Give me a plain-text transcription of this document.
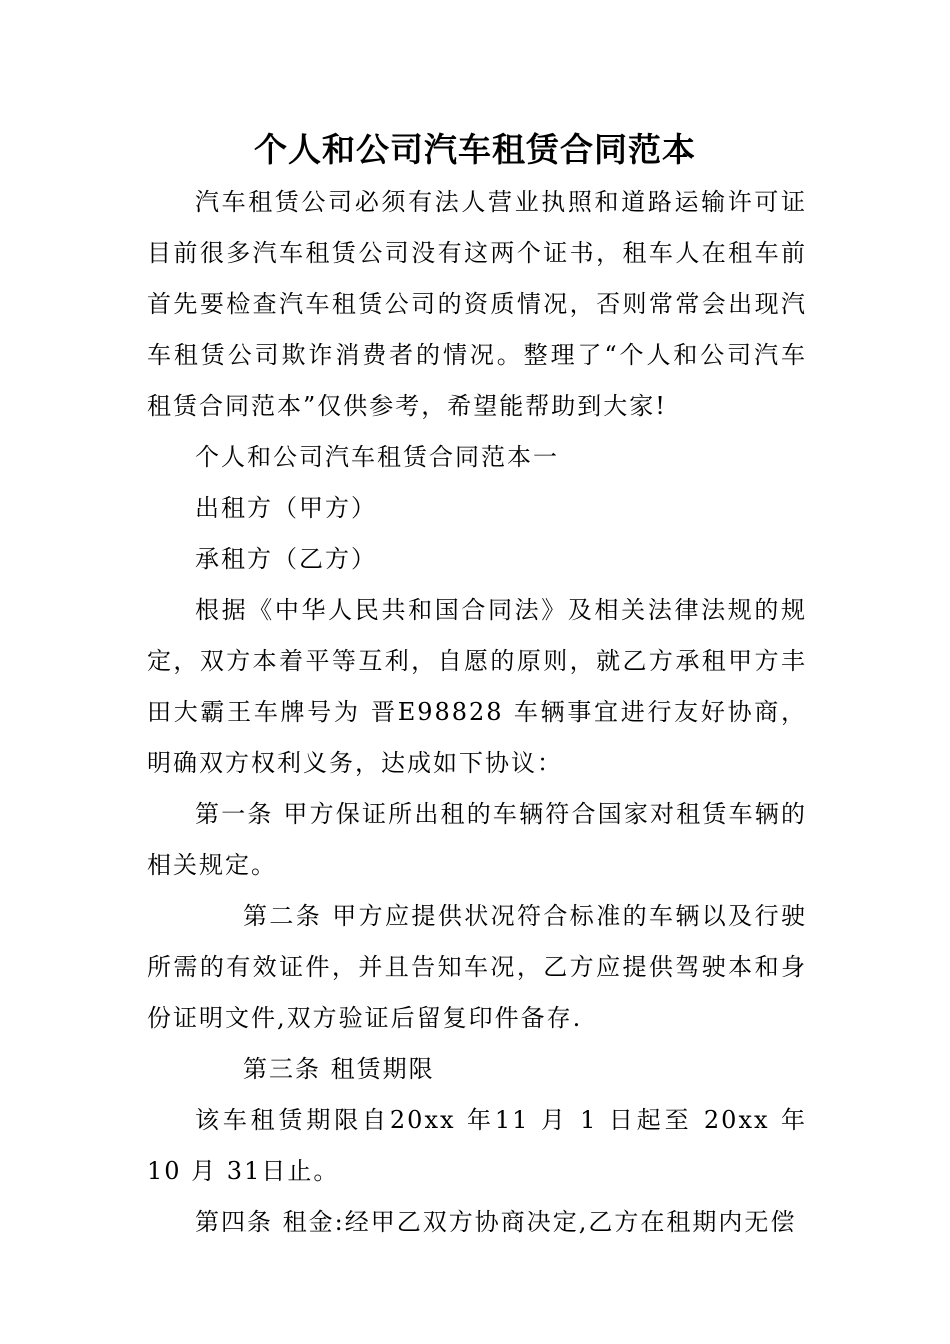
个人和公司汽车租赁合同范本

汽车租赁公司必须有法人营业执照和道路运输许可证目前很多汽车租赁公司没有这两个证书，租车人在租车前首先要检查汽车租赁公司的资质情况，否则常常会出现汽车租赁公司欺诈消费者的情况。整理了“个人和公司汽车租赁合同范本”仅供参考，希望能帮助到大家!

个人和公司汽车租赁合同范本一

出租方（甲方）

承租方（乙方）

根据《中华人民共和国合同法》及相关法律法规的规定，双方本着平等互利，自愿的原则，就乙方承租甲方丰田大霸王车牌号为 晋E98828 车辆事宜进行友好协商，明确双方权利义务，达成如下协议：

第一条 甲方保证所出租的车辆符合国家对租赁车辆的相关规定。

第二条 甲方应提供状况符合标准的车辆以及行驶所需的有效证件，并且告知车况，乙方应提供驾驶本和身份证明文件,双方验证后留复印件备存.

第三条 租赁期限

该车租赁期限自20xx 年11 月 1 日起至 20xx 年 10 月 31日止。

第四条 租金:经甲乙双方协商决定,乙方在租期内无偿
